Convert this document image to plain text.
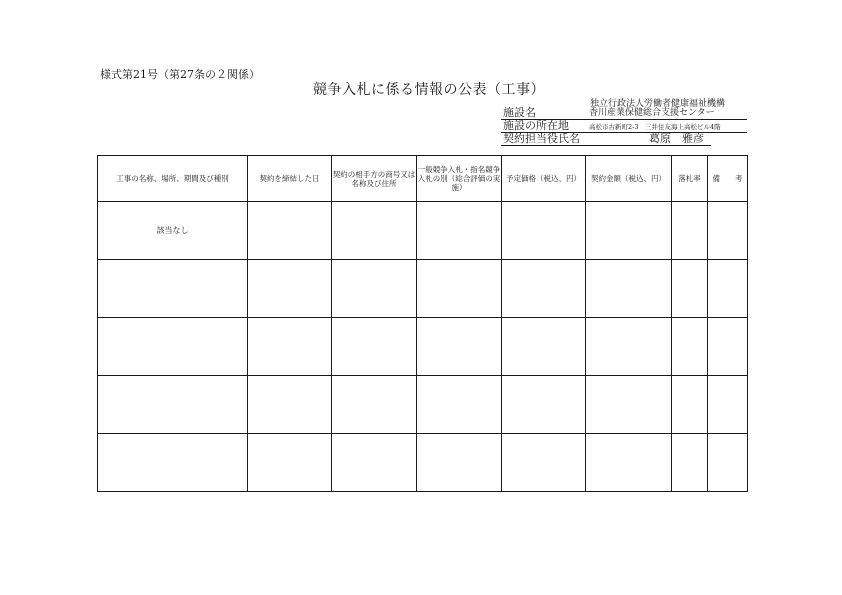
様式第21号（第27条の２関係）
競争入札に係る情報の公表（工事）
独立行政法人労働者健康福祉機構
施設名	香川産業保健総合支援センター
施設の所在地	高松市古新町2-3　三井住友海上高松ビル4階
契約担当役氏名	葛原　雅彦
工事の名称、場所、期間及び種別	契約を締結した日	契約の相手方の商号又は名称及び住所	一般競争入札・指名競争入札の別（総合評価の実施）	予定価格（税込、円）	契約金額（税込、円）	落札率	備　　考
該当なし							
